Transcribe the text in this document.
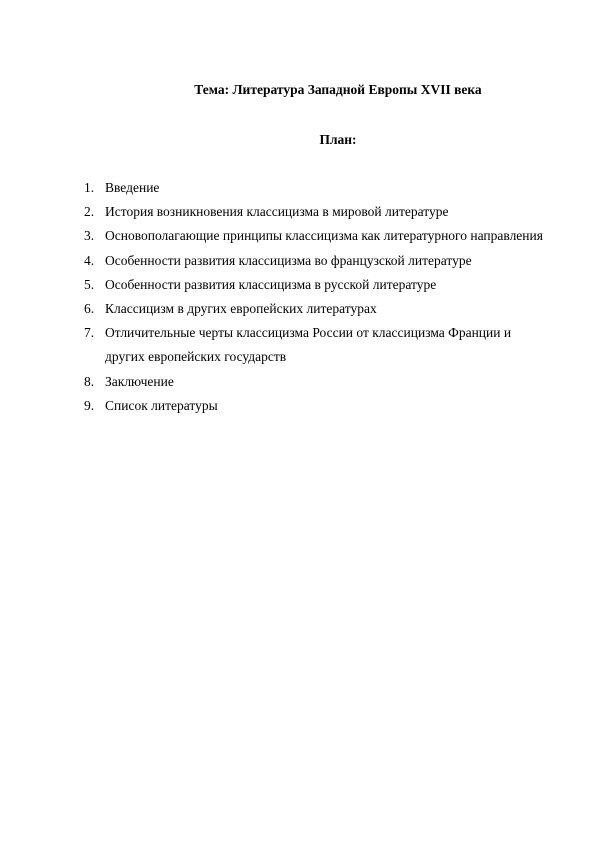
Тема: Литература Западной Европы XVII века
План:
1. Введение
2. История возникновения классицизма в мировой литературе
3. Основополагающие принципы классицизма как литературного направления
4. Особенности развития классицизма во французской литературе
5. Особенности развития классицизма в русской литературе
6. Классицизм в других европейских литературах
7. Отличительные черты классицизма России от классицизма Франции и других европейских государств
8. Заключение
9. Список литературы
